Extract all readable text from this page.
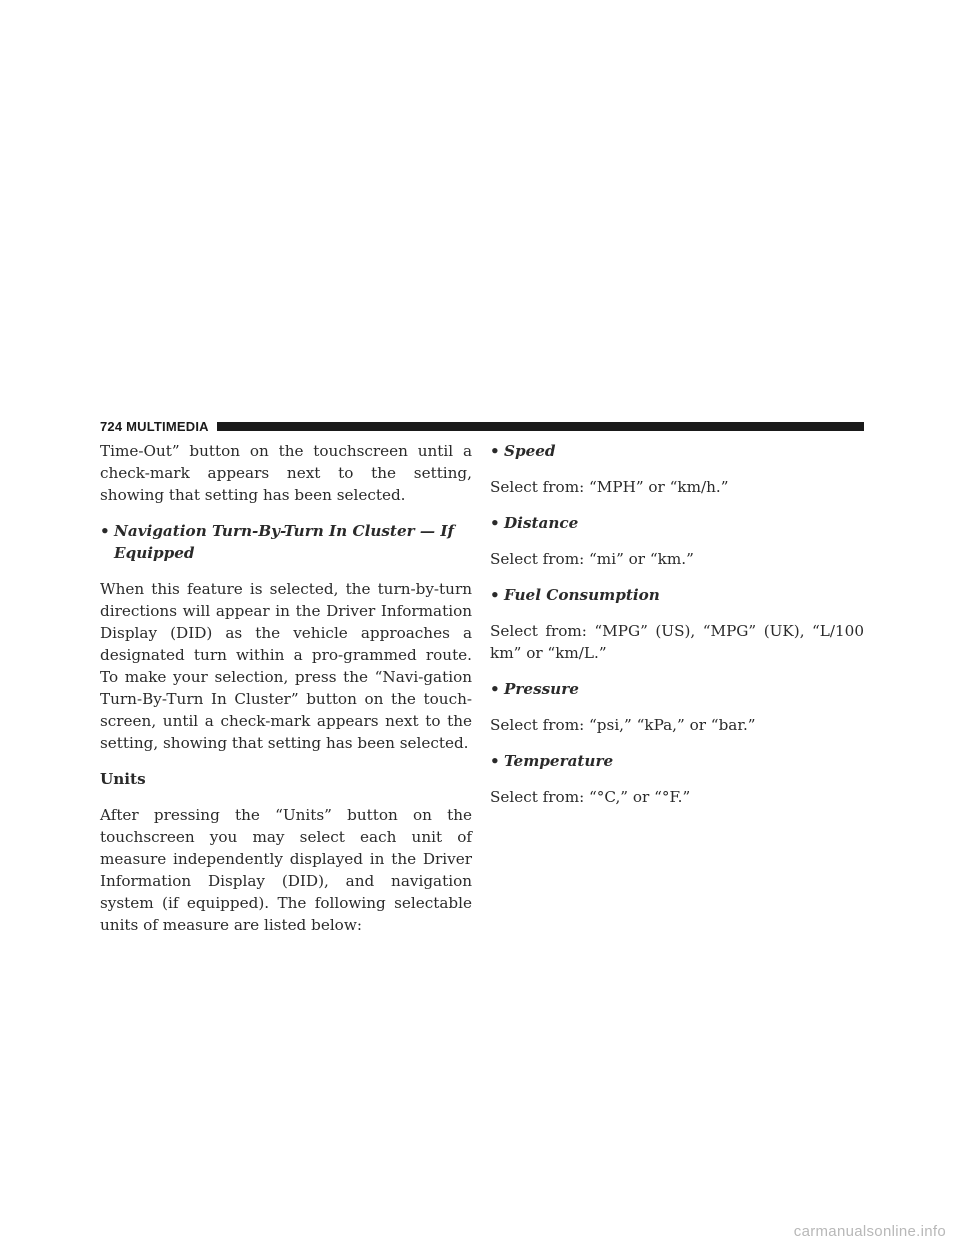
724 MULTIMEDIA

Time-Out” button on the touchscreen until a check-mark appears next to the setting, showing that setting has been selected.

• Navigation Turn-By-Turn In Cluster — If Equipped

When this feature is selected, the turn-by-turn directions will appear in the Driver Information Display (DID) as the vehicle approaches a designated turn within a pro-grammed route. To make your selection, press the “Navi-gation Turn-By-Turn In Cluster” button on the touch-screen, until a check-mark appears next to the setting, showing that setting has been selected.

Units

After pressing the “Units” button on the touchscreen you may select each unit of measure independently displayed in the Driver Information Display (DID), and navigation system (if equipped). The following selectable units of measure are listed below:

• Speed

Select from: “MPH” or “km/h.”

• Distance

Select from: “mi” or “km.”

• Fuel Consumption

Select from: “MPG” (US), “MPG” (UK), “L/100 km” or “km/L.”

• Pressure

Select from: “psi,” “kPa,” or “bar.”

• Temperature

Select from: “°C,” or “°F.”

carmanualsonline.info
